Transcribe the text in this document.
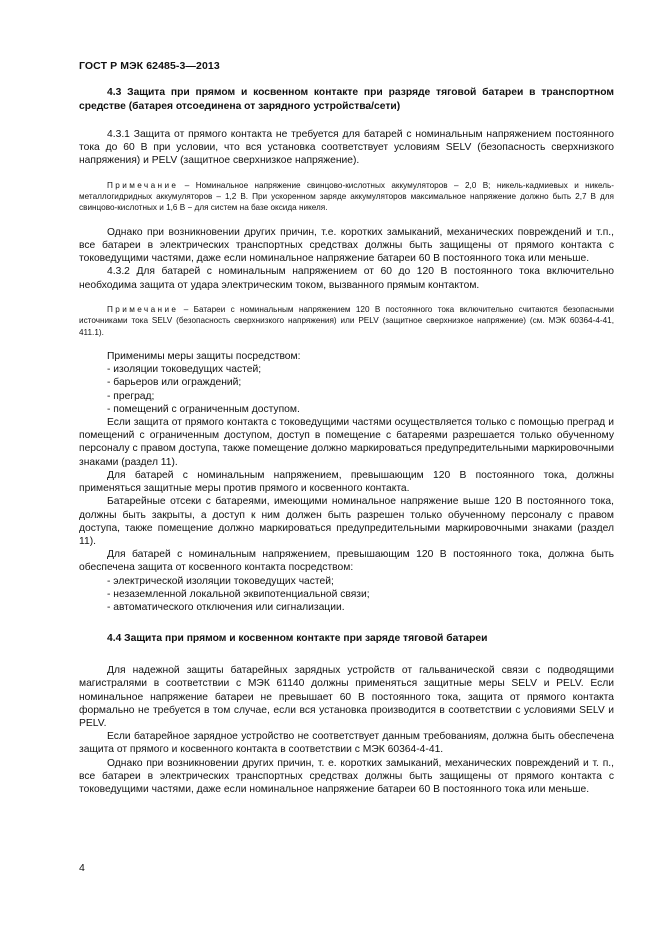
ГОСТ Р МЭК 62485-3—2013
4.3 Защита при прямом и косвенном контакте при разряде тяговой батареи в транспортном средстве (батарея отсоединена от зарядного устройства/сети)

4.3.1 Защита от прямого контакта не требуется для батарей с номинальным напряжением постоянного тока до 60 В при условии, что вся установка соответствует условиям SELV (безопасность сверхнизкого напряжения) и PELV (защитное сверхнизкое напряжение).

Примечание – Номинальное напряжение свинцово-кислотных аккумуляторов – 2,0 В; никель-кадмиевых и никель-металлогидридных аккумуляторов – 1,2 В. При ускоренном заряде аккумуляторов максимальное напряжение должно быть 2,7 В для свинцово-кислотных и 1,6 В − для систем на базе оксида никеля.

Однако при возникновении других причин, т.е. коротких замыканий, механических повреждений и т.п., все батареи в электрических транспортных средствах должны быть защищены от прямого контакта с токоведущими частями, даже если номинальное напряжение батареи 60 В постоянного тока или меньше.

4.3.2 Для батарей с номинальным напряжением от 60 до 120 В постоянного тока включительно необходима защита от удара электрическим током, вызванного прямым контактом.

Примечание – Батареи с номинальным напряжением 120 В постоянного тока включительно считаются безопасными источниками тока SELV (безопасность сверхнизкого напряжения) или PELV (защитное сверхнизкое напряжение) (см. МЭК 60364-4-41, 411.1).

Применимы меры защиты посредством:

- изоляции токоведущих частей;

- барьеров или ограждений;

- преград;

- помещений с ограниченным доступом.

Если защита от прямого контакта с токоведущими частями осуществляется только с помощью преград и помещений с ограниченным доступом, доступ в помещение с батареями разрешается только обученному персоналу с правом доступа, также помещение должно маркироваться предупредительными маркировочными знаками (раздел 11).

Для батарей с номинальным напряжением, превышающим 120 В постоянного тока, должны применяться защитные меры против прямого и косвенного контакта.

Батарейные отсеки с батареями, имеющими номинальное напряжение выше 120 В постоянного тока, должны быть закрыты, а доступ к ним должен быть разрешен только обученному персоналу с правом доступа, также помещение должно маркироваться предупредительными маркировочными знаками (раздел 11).

Для батарей с номинальным напряжением, превышающим 120 В постоянного тока, должна быть обеспечена защита от косвенного контакта посредством:

- электрической изоляции токоведущих частей;

- незаземленной локальной эквипотенциальной связи;

- автоматического отключения или сигнализации.

4.4 Защита при прямом и косвенном контакте при заряде тяговой батареи

Для надежной защиты батарейных зарядных устройств от гальванической связи с подводящими магистралями в соответствии с МЭК 61140 должны применяться защитные меры SELV и PELV. Если номинальное напряжение батареи не превышает 60 В постоянного тока, защита от прямого контакта формально не требуется в том случае, если вся установка производится в соответствии с условиями SELV и PELV.

Если батарейное зарядное устройство не соответствует данным требованиям, должна быть обеспечена защита от прямого и косвенного контакта в соответствии с МЭК 60364-4-41.

Однако при возникновении других причин, т. е. коротких замыканий, механических повреждений и т. п., все батареи в электрических транспортных средствах должны быть защищены от прямого контакта с токоведущими частями, даже если номинальное напряжение батареи 60 В постоянного тока или меньше.

4
